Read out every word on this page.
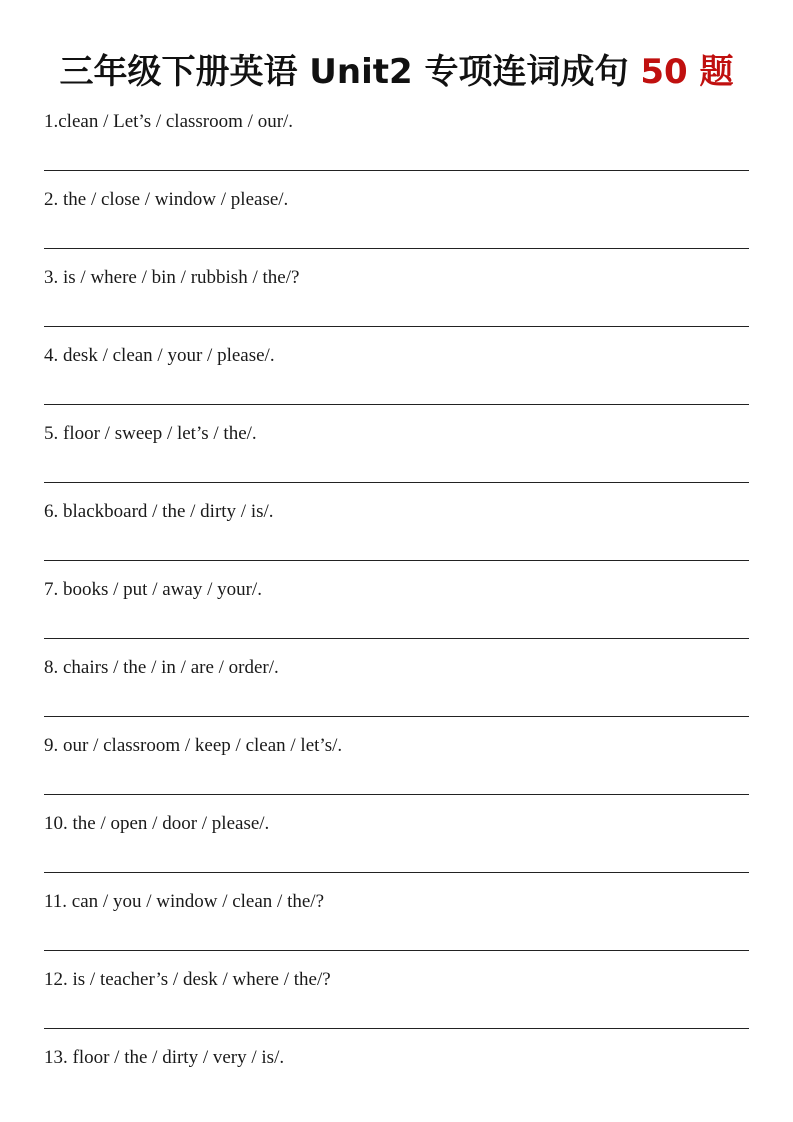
三年级下册英语 Unit2 专项连词成句 50 题
1.clean / Let’s / classroom / our/.
2. the / close / window / please/.
3. is / where / bin / rubbish / the/?
4. desk / clean / your / please/.
5. floor / sweep / let’s / the/.
6. blackboard / the / dirty / is/.
7. books / put / away / your/.
8. chairs / the / in / are / order/.
9. our / classroom / keep / clean / let’s/.
10. the / open / door / please/.
11. can / you / window / clean / the/?
12. is / teacher’s / desk / where / the/?
13. floor / the / dirty / very / is/.
